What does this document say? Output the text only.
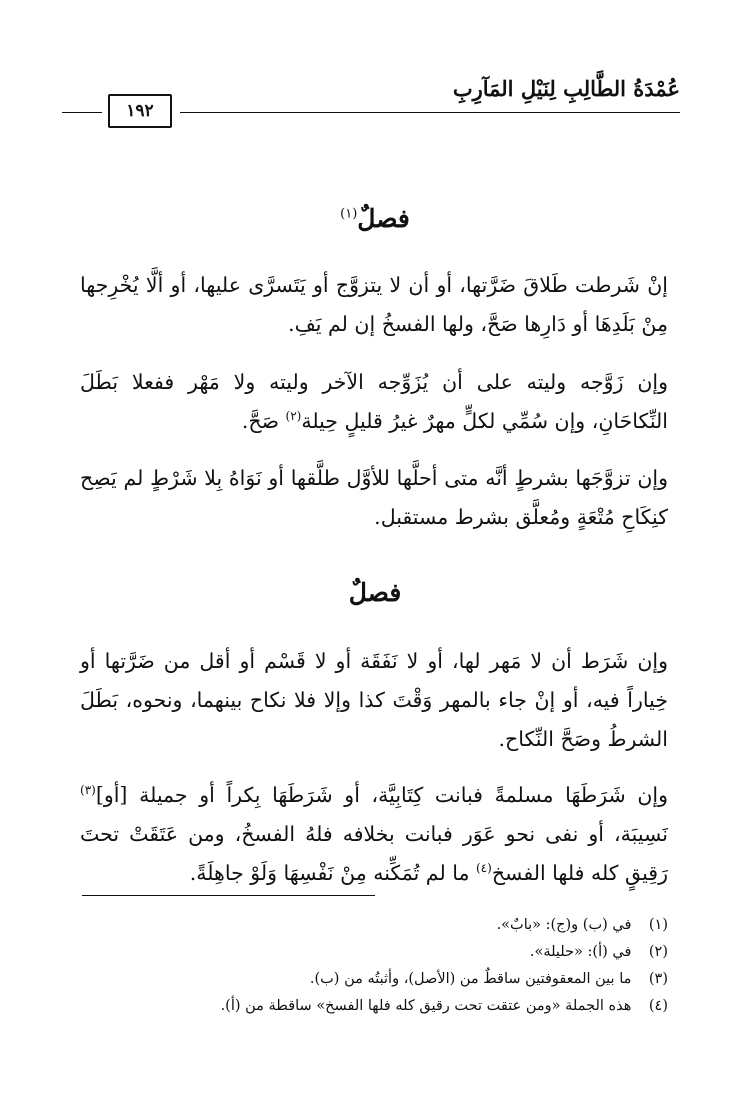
عُمْدَةُ الطَّالِبِ لِنَيْلِ المَآرِبِ
١٩٢
فصلٌ$^{(١)}$

إنْ شَرطت طَلاقَ ضَرَّتها، أو أن لا يتزوَّج أو يَتَسرَّى عليها، أو ألَّا يُخْرِجها مِنْ بَلَدِهَا أو دَارِها صَحَّ، ولها الفسخُ إن لم يَفِ.

وإن زَوَّجه وليته على أن يُزَوِّجه الآخر وليته ولا مَهْر ففعلا بَطَلَ النِّكاحَانِ، وإن سُمِّي لكلٍّ مهرٌ غيرُ قليلٍ حِيلة$^{(٢)}$ صَحَّ.

وإن تزوَّجَها بشرطٍ أنَّه متى أحلَّها للأوَّل طلَّقها أو نَوَاهُ بِلا شَرْطٍ لم يَصِح كنِكَاحِ مُتْعَةٍ ومُعلَّق بشرط مستقبل.

فصلٌ

وإن شَرَط أن لا مَهر لها، أو لا نَفَقَة أو لا قَسْم أو أقل من ضَرَّتها أو خِياراً فيه، أو إنْ جاء بالمهر وَقْتَ كذا وإلا فلا نكاح بينهما، ونحوه، بَطَلَ الشرطُ وصَحَّ النِّكاح.

وإن شَرَطَهَا مسلمةً فبانت كِتَابِيَّة، أو شَرَطَهَا بِكراً أو جميلة [أو]$^{(٣)}$ نَسِيبَة، أو نفى نحو عَوَر فبانت بخلافه فلهُ الفسخُ، ومن عَتَقَتْ تحتَ رَقِيقٍ كله فلها الفسخ$^{(٤)}$ ما لم تُمَكِّنه مِنْ نَفْسِهَا وَلَوْ جاهِلَةً.

(١) في (ب) و(ج): «بابٌ».
(٢) في (أ): «حليلة».
(٣) ما بين المعقوفتين ساقطٌ من (الأصل)، وأثبتُه من (ب).
(٤) هذه الجملة «ومن عتقت تحت رقيق كله فلها الفسخ» ساقطة من (أ).
